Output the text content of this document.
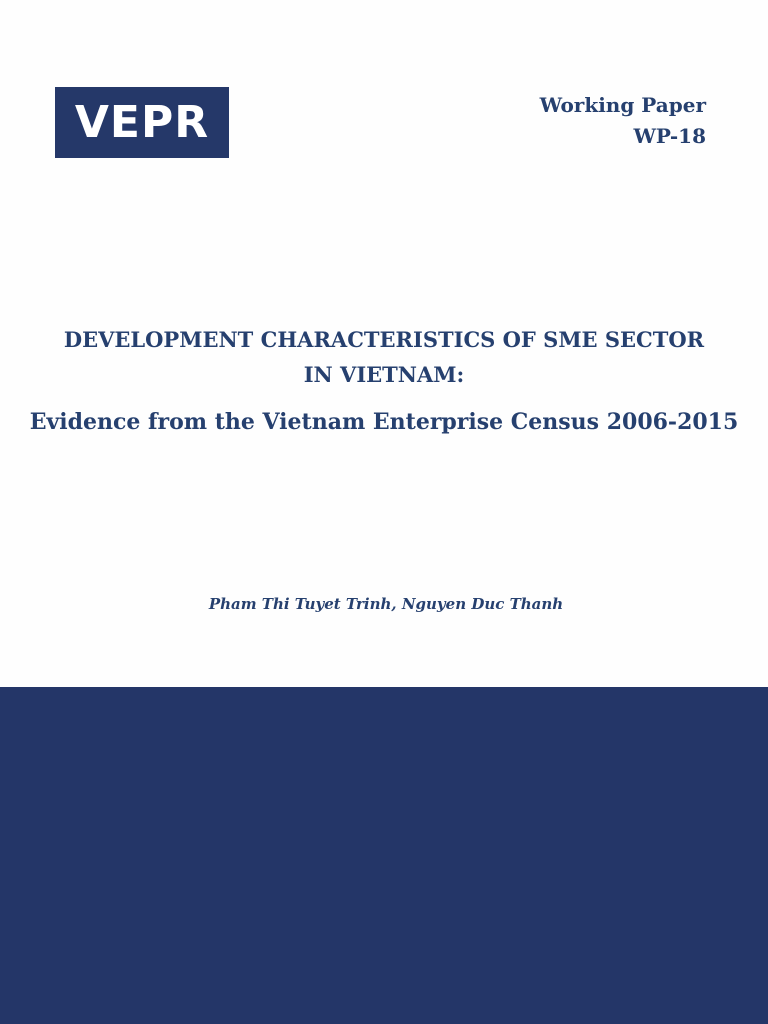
VEPR	Working Paper
WP-18
DEVELOPMENT CHARACTERISTICS OF SME SECTOR
IN VIETNAM:
Evidence from the Vietnam Enterprise Census 2006-2015
Pham Thi Tuyet Trinh, Nguyen Duc Thanh
